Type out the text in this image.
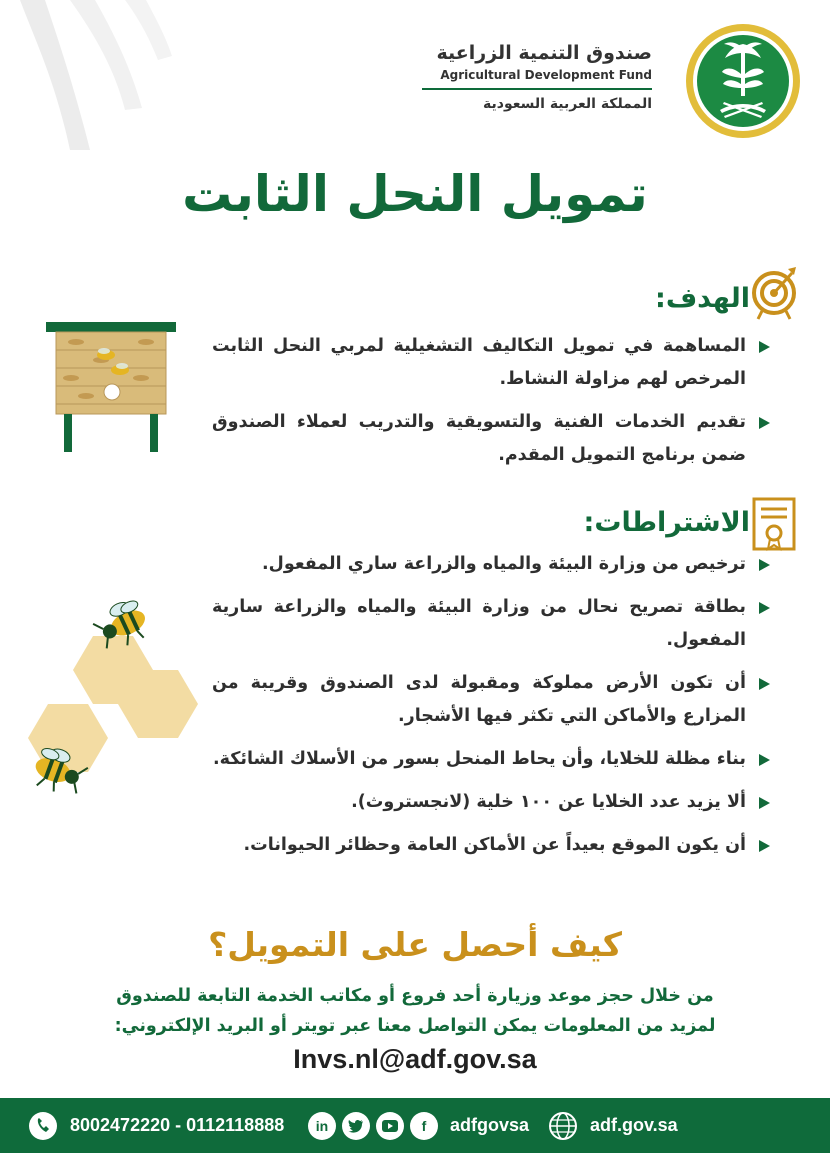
صندوق التنمية الزراعية
Agricultural Development Fund
المملكة العربية السعودية
تمويل النحل الثابت
الهدف:
المساهمة في تمويل التكاليف التشغيلية لمربي النحل الثابت المرخص لهم مزاولة النشاط.
تقديم الخدمات الفنية والتسويقية والتدريب لعملاء الصندوق ضمن برنامج التمويل المقدم.
الاشتراطات:
ترخيص من وزارة البيئة والمياه والزراعة ساري المفعول.
بطاقة تصريح نحال من وزارة البيئة والمياه والزراعة سارية المفعول.
أن تكون الأرض مملوكة ومقبولة لدى الصندوق وقريبة من المزارع والأماكن التي تكثر فيها الأشجار.
بناء مظلة للخلايا، وأن يحاط المنحل بسور من الأسلاك الشائكة.
ألا يزيد عدد الخلايا عن ١٠٠ خلية (لانجستروث).
أن يكون الموقع بعيداً عن الأماكن العامة وحظائر الحيوانات.
كيف أحصل على التمويل؟
من خلال حجز موعد وزيارة أحد فروع أو مكاتب الخدمة التابعة للصندوق
لمزيد من المعلومات يمكن التواصل معنا عبر تويتر أو البريد الإلكتروني:
Invs.nl@adf.gov.sa
8002472220 - 0112118888	in	f	adfgovsa	adf.gov.sa
